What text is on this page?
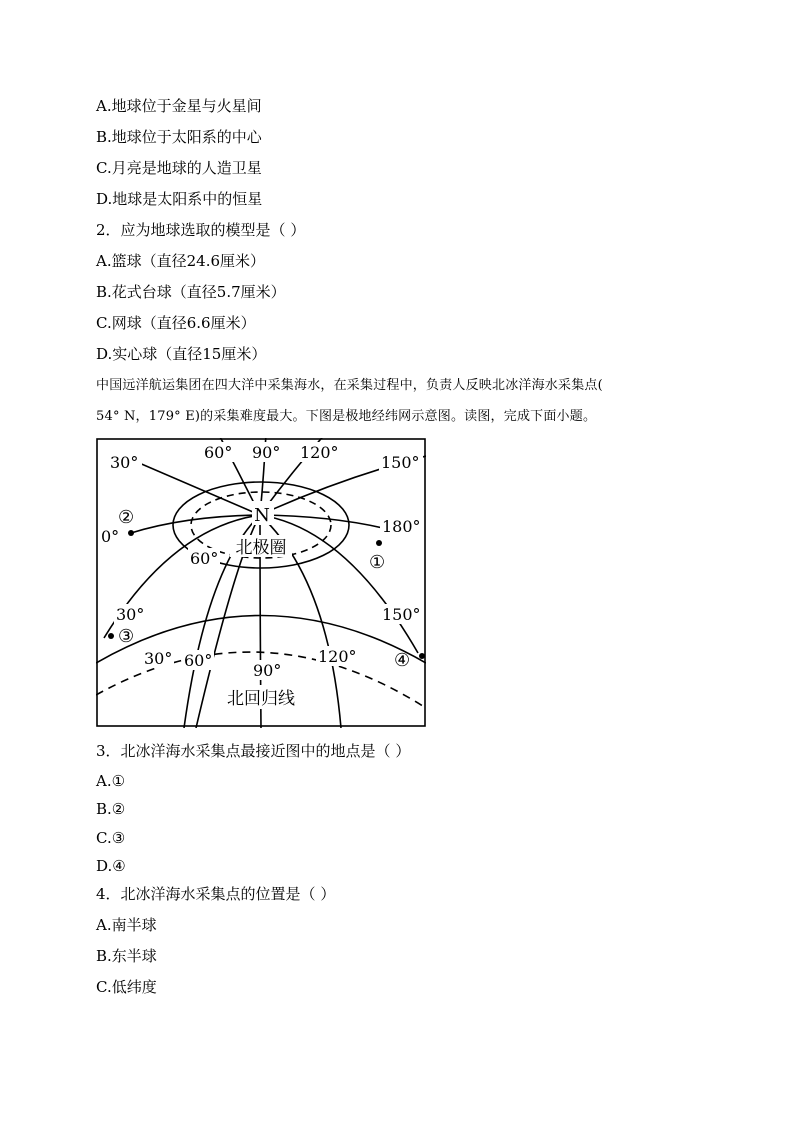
A.地球位于金星与火星间
B.地球位于太阳系的中心
C.月亮是地球的人造卫星
D.地球是太阳系中的恒星
2．应为地球选取的模型是（ ）
A.篮球（直径24.6厘米）
B.花式台球（直径5.7厘米）
C.网球（直径6.6厘米）
D.实心球（直径15厘米）
中国远洋航运集团在四大洋中采集海水，在采集过程中，负责人反映北冰洋海水采集点(
54° N，179° E)的采集难度最大。下图是极地经纬网示意图。读图，完成下面小题。
N
北极圈
北回归线
60° 90° 120°
30°	150°
0°
180°
60°
30°	150°
30° 60°
90°
120°
②
①
③
④
3．北冰洋海水采集点最接近图中的地点是（ ）
A.①
B.②
C.③
D.④
4．北冰洋海水采集点的位置是（ ）
A.南半球
B.东半球
C.低纬度
